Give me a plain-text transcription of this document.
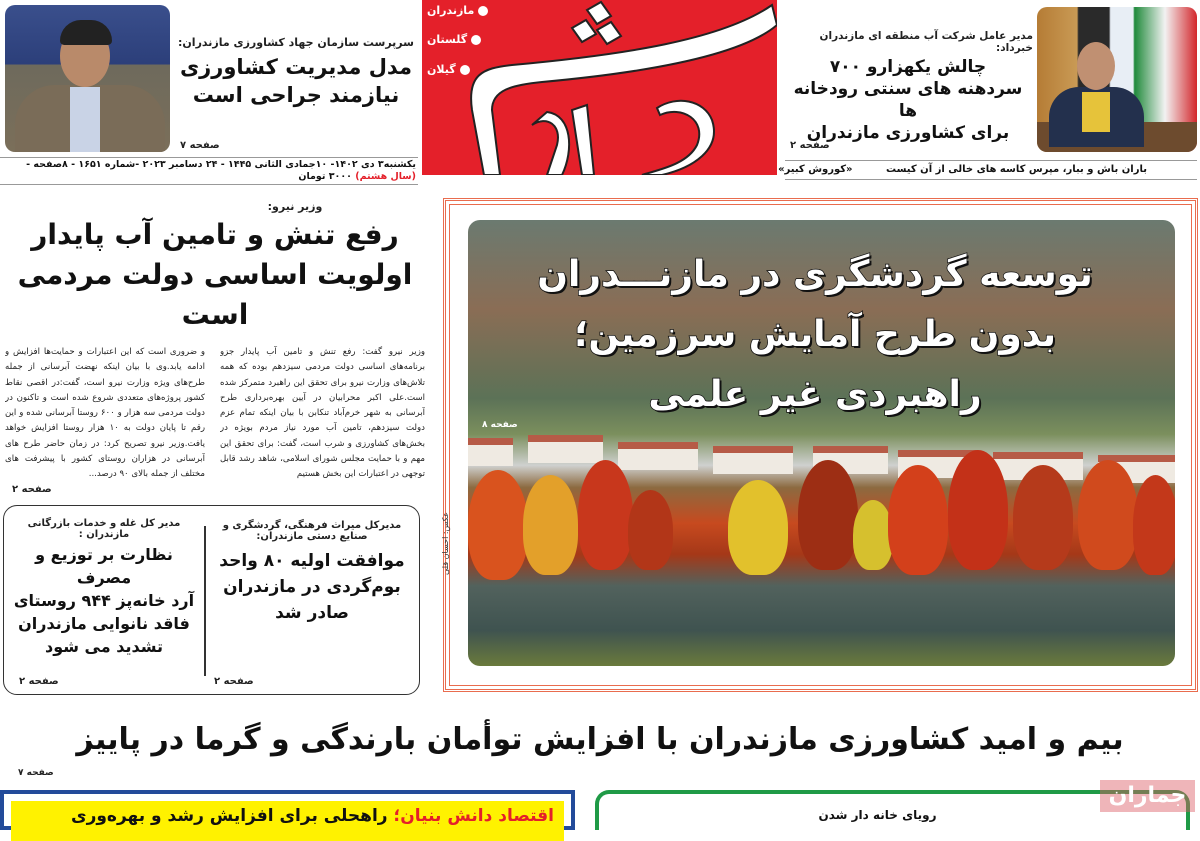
سرپرست سازمان جهاد کشاورزی مازندران:
مدل مدیریت کشاورزی
نیازمند جراحی است
صفحه ۷
یکشنبه۳ دی ۱۴۰۲- ۱۰جمادی الثانی ۱۴۴۵ - ۲۴ دسامبر ۲۰۲۳ -شماره ۱۶۵۱ - ۸صفحه - (سال هشتم) ۳۰۰۰ تومان
مازندران
گلستان
گیلان
مدیر عامل شرکت آب منطقه ای مازندران خبرداد:
چالش یکهزارو ۷۰۰
سردهنه های سنتی رودخانه ها
برای کشاورزی مازندران
صفحه ۲
باران باش و ببار، مپرس کاسه های خالی از آن کیست «کوروش کبیر»
وزیر نیرو:
رفع تنش و تامین آب پایدار
اولویت اساسی دولت مردمی است
وزیر نیرو گفت: رفع تنش و تامین آب پایدار جزو برنامه‌های اساسی دولت مردمی سیزدهم بوده که همه تلاش‌های وزارت نیرو برای تحقق این راهبرد متمرکز شده است.علی اکبر محرابیان در آیین بهره‌برداری طرح آبرسانی به شهر خرم‌آباد تنکابن با بیان اینکه تمام عزم دولت سیزدهم، تامین آب مورد نیاز مردم بویژه در بخش‌های کشاورزی و شرب است، گفت: برای تحقق این مهم و با حمایت مجلس شورای اسلامی، شاهد رشد قابل توجهی در اعتبارات این بخش هستیم
و ضروری است که این اعتبارات و حمایت‌ها افزایش و ادامه یابد.وی با بیان اینکه نهضت آبرسانی از جمله طرح‌های ویژه وزارت نیرو است، گفت:در اقصی نقاط کشور پروژه‌های متعددی شروع شده است و تاکنون در دولت مردمی سه هزار و ۶۰۰ روستا آبرسانی شده و این رقم تا پایان دولت به ۱۰ هزار روستا افزایش خواهد یافت.وزیر نیرو تصریح کرد: در زمان حاضر طرح های آبرسانی در هزاران روستای کشور با پیشرفت های مختلف از جمله بالای ۹۰ درصد...
صفحه ۲
مدیرکل میراث فرهنگی، گردشگری و صنایع دستی مازندران:
موافقت اولیه ۸۰ واحد
بوم‌گردی در مازندران
صادر شد
صفحه ۲
مدیر کل غله و خدمات بازرگانی مازندران :
نظارت بر توزیع و مصرف
آرد خانه‌پز ۹۴۴ روستای
فاقد نانوایی مازندران
تشدید می شود
صفحه ۲
توسعه گردشگری در مازنـــدران
بدون طرح آمایش سرزمین؛
راهبردی غیر علمی
صفحه ۸
عکس: احسان قلی
بیم و امید کشاورزی مازندران با افزایش توأمان بارندگی و گرما در پاییز
صفحه ۷
اقتصاد دانش بنیان؛ راهحلی برای افزایش رشد و بهره‌وری	رویای خانه دار شدن
جماران
